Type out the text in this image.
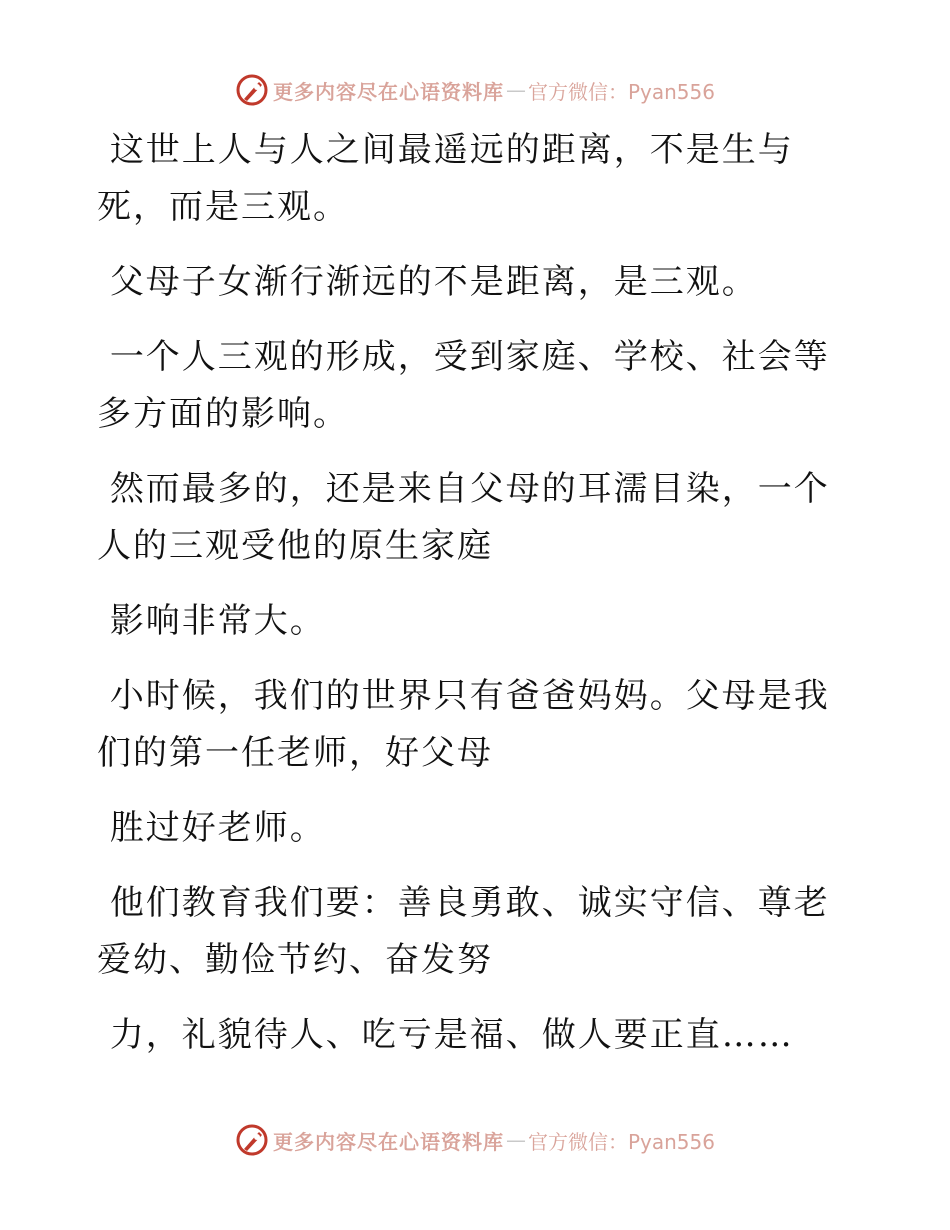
更多内容尽在心语资料库 — 官方微信：Pyan556

这世上人与人之间最遥远的距离，不是生与死，而是三观。

父母子女渐行渐远的不是距离，是三观。

一个人三观的形成，受到家庭、学校、社会等多方面的影响。

然而最多的，还是来自父母的耳濡目染，一个人的三观受他的原生家庭

影响非常大。

小时候，我们的世界只有爸爸妈妈。父母是我们的第一任老师，好父母

胜过好老师。

他们教育我们要：善良勇敢、诚实守信、尊老爱幼、勤俭节约、奋发努

力，礼貌待人、吃亏是福、做人要正直……

更多内容尽在心语资料库 — 官方微信：Pyan556
